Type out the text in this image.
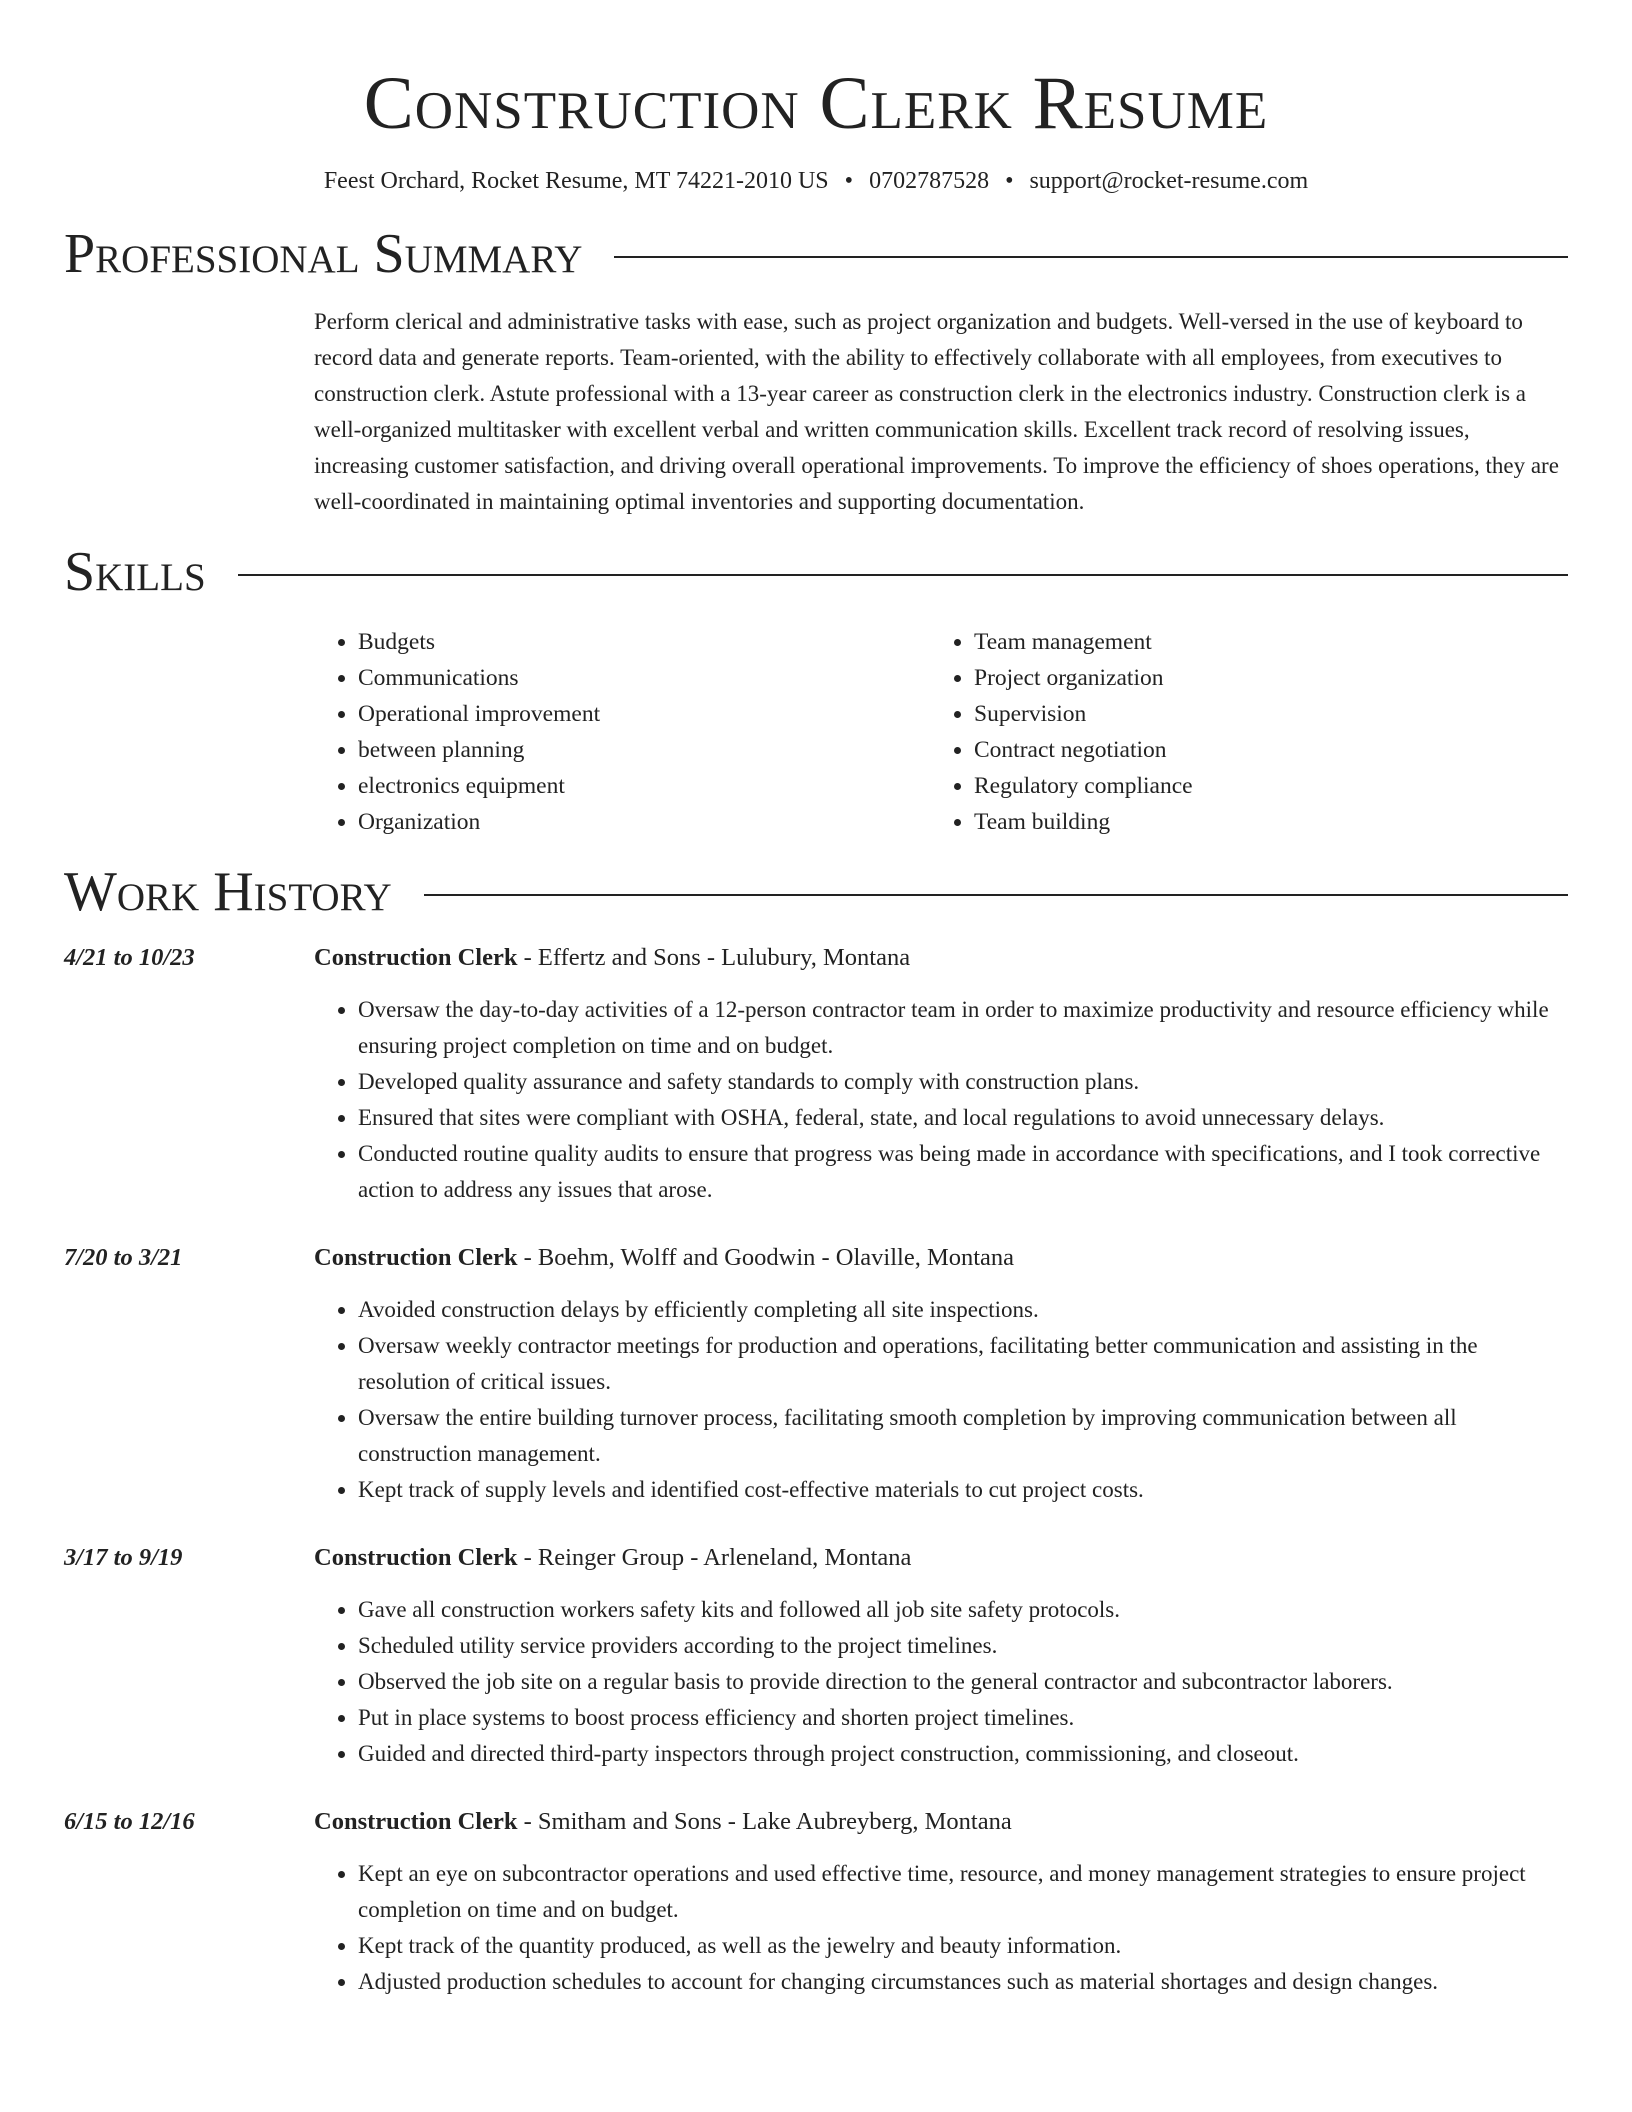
Construction Clerk Resume
Feest Orchard, Rocket Resume, MT 74221-2010 US • 0702787528 • support@rocket-resume.com
Professional Summary
Perform clerical and administrative tasks with ease, such as project organization and budgets. Well-versed in the use of keyboard to record data and generate reports. Team-oriented, with the ability to effectively collaborate with all employees, from executives to construction clerk. Astute professional with a 13-year career as construction clerk in the electronics industry. Construction clerk is a well-organized multitasker with excellent verbal and written communication skills. Excellent track record of resolving issues, increasing customer satisfaction, and driving overall operational improvements. To improve the efficiency of shoes operations, they are well-coordinated in maintaining optimal inventories and supporting documentation.
Skills
• Budgets
• Communications
• Operational improvement
• between planning
• electronics equipment
• Organization
• Team management
• Project organization
• Supervision
• Contract negotiation
• Regulatory compliance
• Team building
Work History
4/21 to 10/23	Construction Clerk - Effertz and Sons - Lulubury, Montana
• Oversaw the day-to-day activities of a 12-person contractor team in order to maximize productivity and resource efficiency while ensuring project completion on time and on budget.
• Developed quality assurance and safety standards to comply with construction plans.
• Ensured that sites were compliant with OSHA, federal, state, and local regulations to avoid unnecessary delays.
• Conducted routine quality audits to ensure that progress was being made in accordance with specifications, and I took corrective action to address any issues that arose.
7/20 to 3/21	Construction Clerk - Boehm, Wolff and Goodwin - Olaville, Montana
• Avoided construction delays by efficiently completing all site inspections.
• Oversaw weekly contractor meetings for production and operations, facilitating better communication and assisting in the resolution of critical issues.
• Oversaw the entire building turnover process, facilitating smooth completion by improving communication between all construction management.
• Kept track of supply levels and identified cost-effective materials to cut project costs.
3/17 to 9/19	Construction Clerk - Reinger Group - Arleneland, Montana
• Gave all construction workers safety kits and followed all job site safety protocols.
• Scheduled utility service providers according to the project timelines.
• Observed the job site on a regular basis to provide direction to the general contractor and subcontractor laborers.
• Put in place systems to boost process efficiency and shorten project timelines.
• Guided and directed third-party inspectors through project construction, commissioning, and closeout.
6/15 to 12/16	Construction Clerk - Smitham and Sons - Lake Aubreyberg, Montana
• Kept an eye on subcontractor operations and used effective time, resource, and money management strategies to ensure project completion on time and on budget.
• Kept track of the quantity produced, as well as the jewelry and beauty information.
• Adjusted production schedules to account for changing circumstances such as material shortages and design changes.
